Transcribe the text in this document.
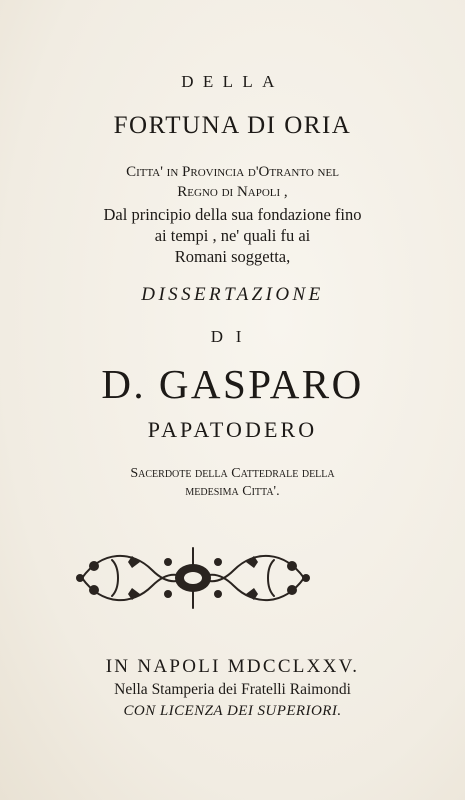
DELLA
FORTUNA DI ORIA
Citta' in Provincia d'Otranto nel
Regno di Napoli ,
Dal principio della sua fondazione fino
ai tempi , ne' quali fu ai
Romani soggetta,
DISSERTAZIONE
DI
D. GASPARO
PAPATODERO
Sacerdote della Cattedrale della
medesima Citta'.
IN NAPOLI MDCCLXXV.
Nella Stamperia dei Fratelli Raimondi
CON LICENZA DEI SUPERIORI.
